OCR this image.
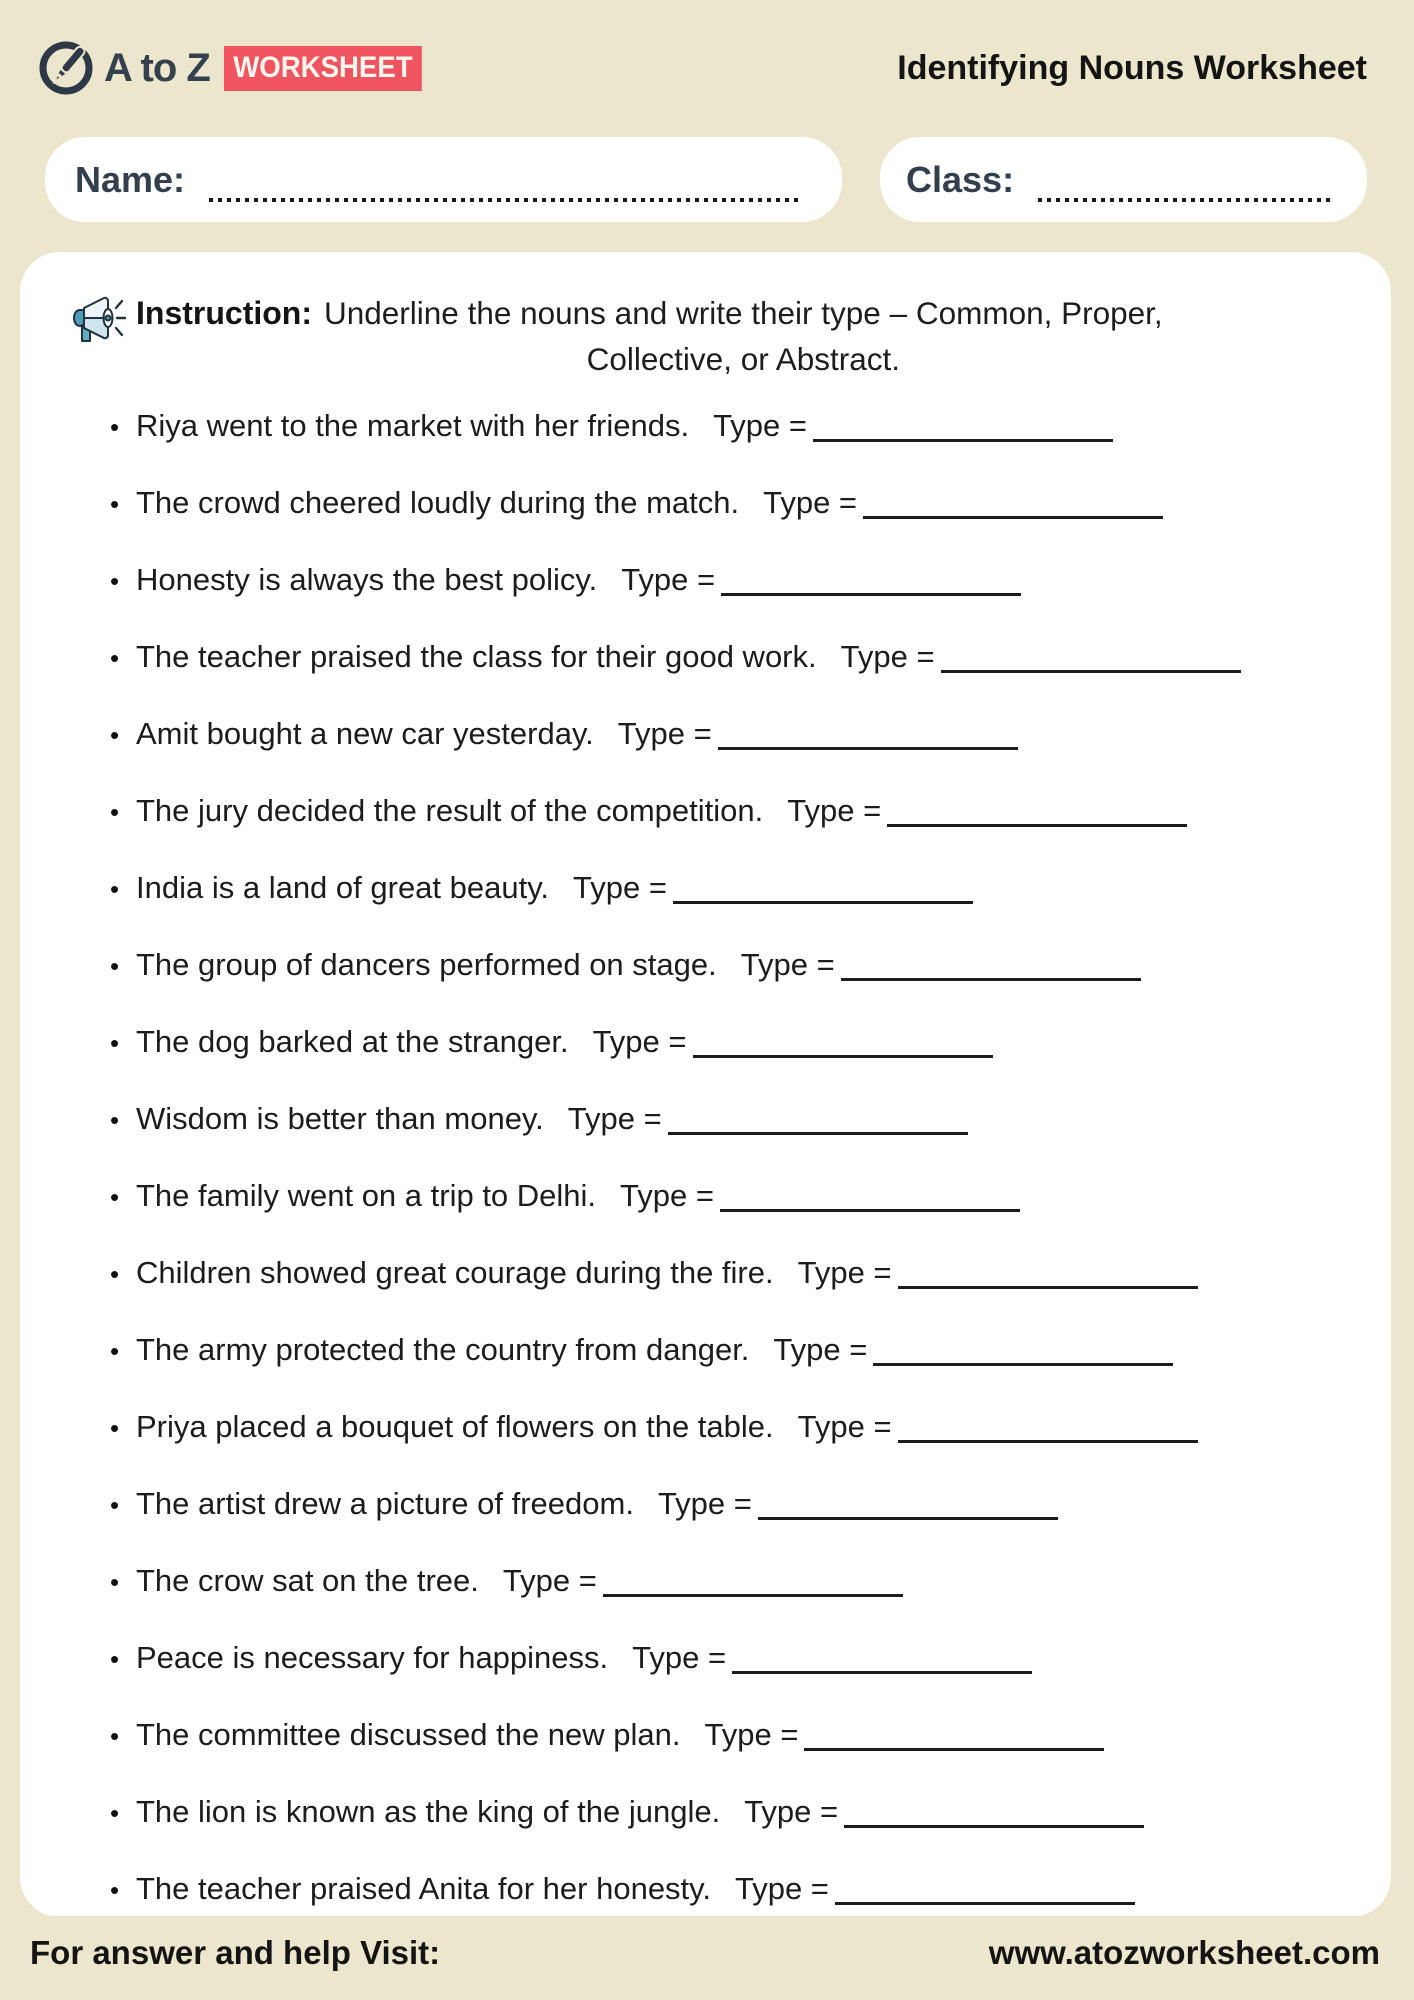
A to Z WORKSHEET	Identifying Nouns Worksheet
Name:	Class:
Instruction: Underline the nouns and write their type – Common, Proper,
Collective, or Abstract.
• Riya went to the market with her friends. Type =
• The crowd cheered loudly during the match. Type =
• Honesty is always the best policy. Type =
• The teacher praised the class for their good work. Type =
• Amit bought a new car yesterday. Type =
• The jury decided the result of the competition. Type =
• India is a land of great beauty. Type =
• The group of dancers performed on stage. Type =
• The dog barked at the stranger. Type =
• Wisdom is better than money. Type =
• The family went on a trip to Delhi. Type =
• Children showed great courage during the fire. Type =
• The army protected the country from danger. Type =
• Priya placed a bouquet of flowers on the table. Type =
• The artist drew a picture of freedom. Type =
• The crow sat on the tree. Type =
• Peace is necessary for happiness. Type =
• The committee discussed the new plan. Type =
• The lion is known as the king of the jungle. Type =
• The teacher praised Anita for her honesty. Type =
For answer and help Visit:	www.atozworksheet.com
